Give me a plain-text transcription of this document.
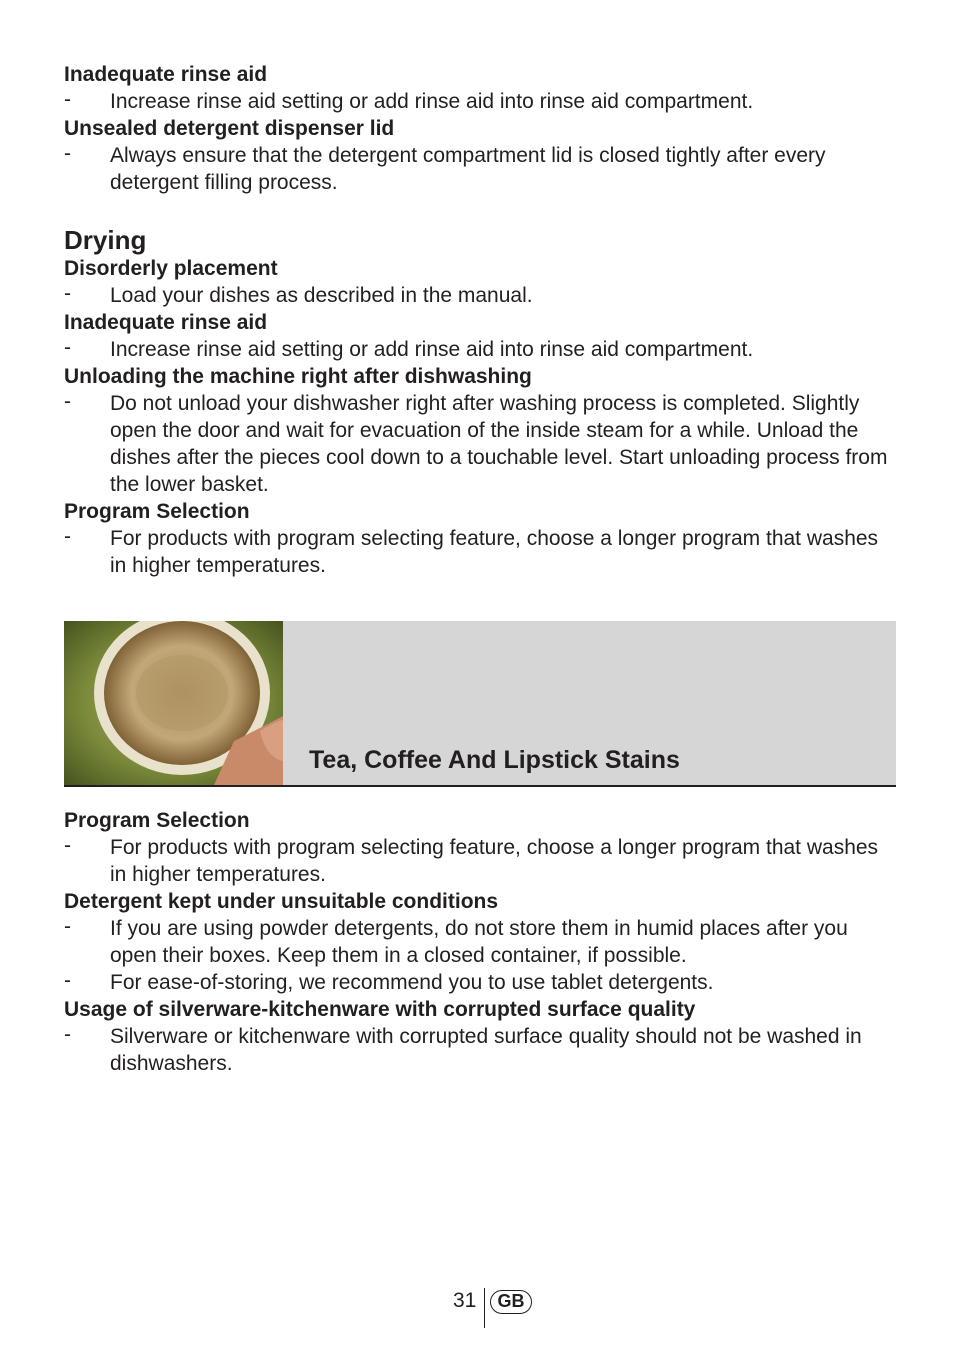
Inadequate rinse aid

- Increase rinse aid setting or add rinse aid into rinse aid compartment.

Unsealed detergent dispenser lid

- Always ensure that the detergent compartment lid is closed tightly after every detergent filling process.

Drying

Disorderly placement

- Load your dishes as described in the manual.

Inadequate rinse aid

- Increase rinse aid setting or add rinse aid into rinse aid compartment.

Unloading the machine right after dishwashing

- Do not unload your dishwasher right after washing process is completed. Slightly open the door and wait for evacuation of the inside steam for a while. Unload the dishes after the pieces cool down to a touchable level. Start unloading process from the lower basket.

Program Selection

- For products with program selecting feature, choose a longer program that washes in higher temperatures.

Tea, Coffee And Lipstick Stains

Program Selection

- For products with program selecting feature, choose a longer program that washes in higher temperatures.

Detergent kept under unsuitable conditions

- If you are using powder detergents, do not store them in humid places after you open their boxes. Keep them in a closed container, if possible.

- For ease-of-storing, we recommend you to use tablet detergents.

Usage of silverware-kitchenware with corrupted surface quality

- Silverware or kitchenware with corrupted surface quality should not be washed in dishwashers.

31	GB
